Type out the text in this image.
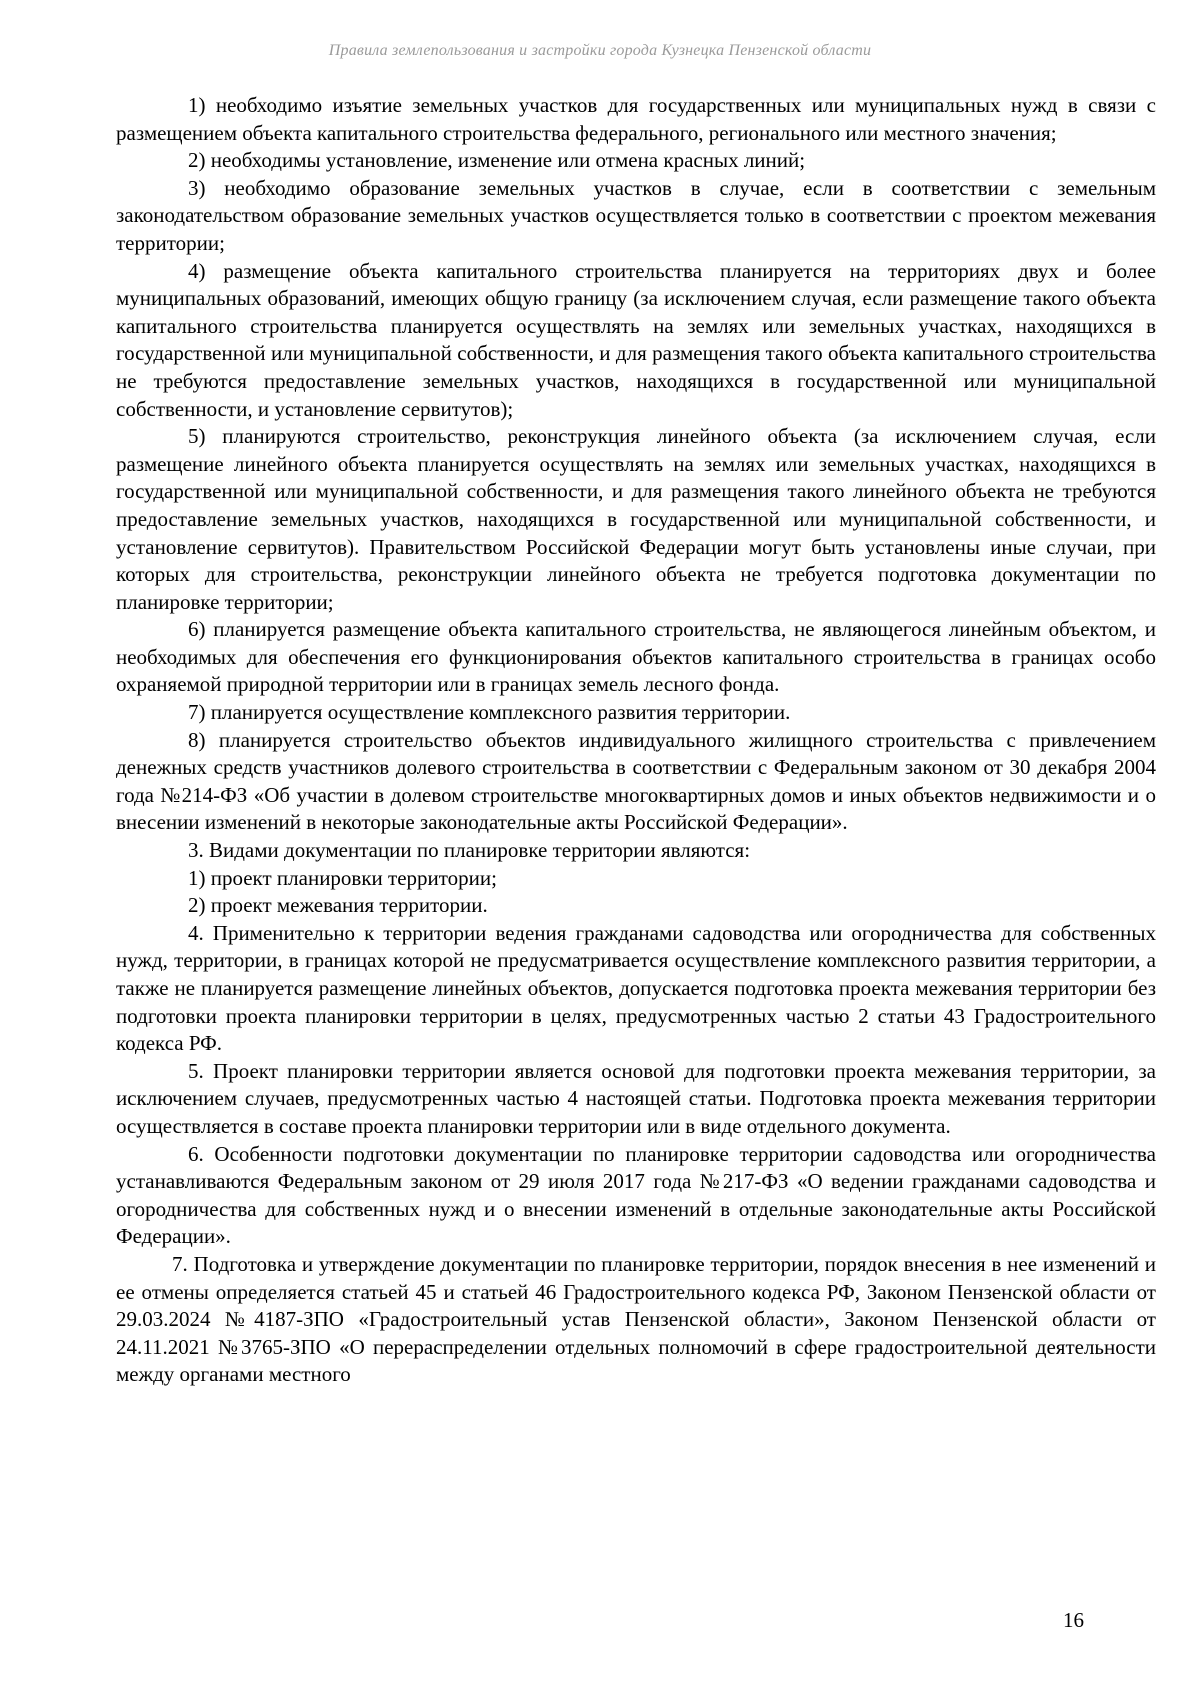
Правила землепользования и застройки города Кузнецка Пензенской области

1) необходимо изъятие земельных участков для государственных или муниципальных нужд в связи с размещением объекта капитального строительства федерального, регионального или местного значения;

2) необходимы установление, изменение или отмена красных линий;

3) необходимо образование земельных участков в случае, если в соответствии с земельным законодательством образование земельных участков осуществляется только в соответствии с проектом межевания территории;

4) размещение объекта капитального строительства планируется на территориях двух и более муниципальных образований, имеющих общую границу (за исключением случая, если размещение такого объекта капитального строительства планируется осуществлять на землях или земельных участках, находящихся в государственной или муниципальной собственности, и для размещения такого объекта капитального строительства не требуются предоставление земельных участков, находящихся в государственной или муниципальной собственности, и установление сервитутов);

5) планируются строительство, реконструкция линейного объекта (за исключением случая, если размещение линейного объекта планируется осуществлять на землях или земельных участках, находящихся в государственной или муниципальной собственности, и для размещения такого линейного объекта не требуются предоставление земельных участков, находящихся в государственной или муниципальной собственности, и установление сервитутов). Правительством Российской Федерации могут быть установлены иные случаи, при которых для строительства, реконструкции линейного объекта не требуется подготовка документации по планировке территории;

6) планируется размещение объекта капитального строительства, не являющегося линейным объектом, и необходимых для обеспечения его функционирования объектов капитального строительства в границах особо охраняемой природной территории или в границах земель лесного фонда.

7) планируется осуществление комплексного развития территории.

8) планируется строительство объектов индивидуального жилищного строительства с привлечением денежных средств участников долевого строительства в соответствии с Федеральным законом от 30 декабря 2004 года №214-ФЗ «Об участии в долевом строительстве многоквартирных домов и иных объектов недвижимости и о внесении изменений в некоторые законодательные акты Российской Федерации».

3. Видами документации по планировке территории являются:

1) проект планировки территории;

2) проект межевания территории.

4. Применительно к территории ведения гражданами садоводства или огородничества для собственных нужд, территории, в границах которой не предусматривается осуществление комплексного развития территории, а также не планируется размещение линейных объектов, допускается подготовка проекта межевания территории без подготовки проекта планировки территории в целях, предусмотренных частью 2 статьи 43 Градостроительного кодекса РФ.

5. Проект планировки территории является основой для подготовки проекта межевания территории, за исключением случаев, предусмотренных частью 4 настоящей статьи. Подготовка проекта межевания территории осуществляется в составе проекта планировки территории или в виде отдельного документа.

6. Особенности подготовки документации по планировке территории садоводства или огородничества устанавливаются Федеральным законом от 29 июля 2017 года №217-ФЗ «О ведении гражданами садоводства и огородничества для собственных нужд и о внесении изменений в отдельные законодательные акты Российской Федерации».

7. Подготовка и утверждение документации по планировке территории, порядок внесения в нее изменений и ее отмены определяется статьей 45 и статьей 46 Градостроительного кодекса РФ, Законом Пензенской области от 29.03.2024 №4187-ЗПО «Градостроительный устав Пензенской области», Законом Пензенской области от 24.11.2021 №3765-ЗПО «О перераспределении отдельных полномочий в сфере градостроительной деятельности между органами местного

16
